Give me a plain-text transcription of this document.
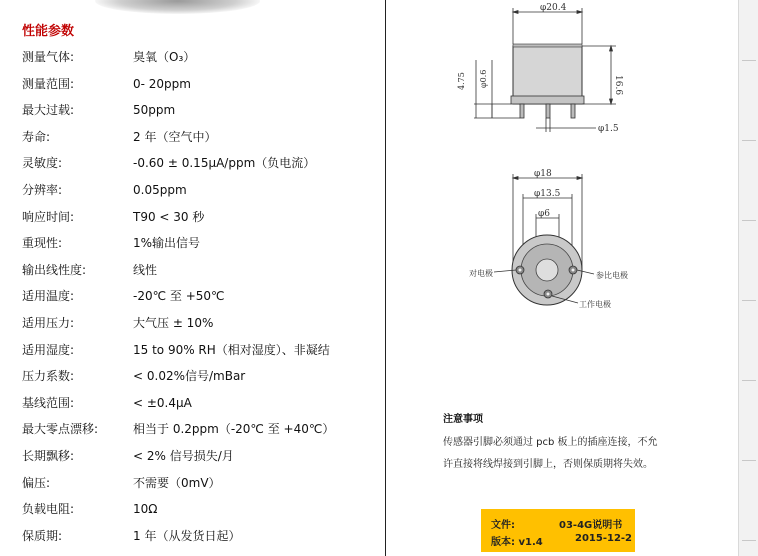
性能参数
测量气体:	臭氧（O₃）
测量范围:	0- 20ppm
最大过载:	50ppm
寿命:	2 年（空气中）
灵敏度:	-0.60 ± 0.15μA/ppm（负电流）
分辨率:	0.05ppm
响应时间:	T90 < 30 秒
重现性:	1%输出信号
输出线性度:	线性
适用温度:	-20℃ 至 +50℃
适用压力:	大气压 ± 10%
适用湿度:	15 to 90% RH（相对湿度）、非凝结
压力系数:	< 0.02%信号/mBar
基线范围:	< ±0.4μA
最大零点漂移:	相当于 0.2ppm（-20℃ 至 +40℃）
长期飘移:	< 2% 信号损失/月
偏压:	不需要（0mV）
负载电阻:	10Ω
保质期:	1 年（从发货日起）
φ20.4
16.6
4.75 φ0.6
φ1.5
φ18
φ13.5
φ6
对电极	参比电极
工作电极
注意事项
传感器引脚必须通过 pcb 板上的插座连接，不允
许直接将线焊接到引脚上，否则保质期将失效。
文件:	03-4G说明书
版本: v1.4	2015-12-2
